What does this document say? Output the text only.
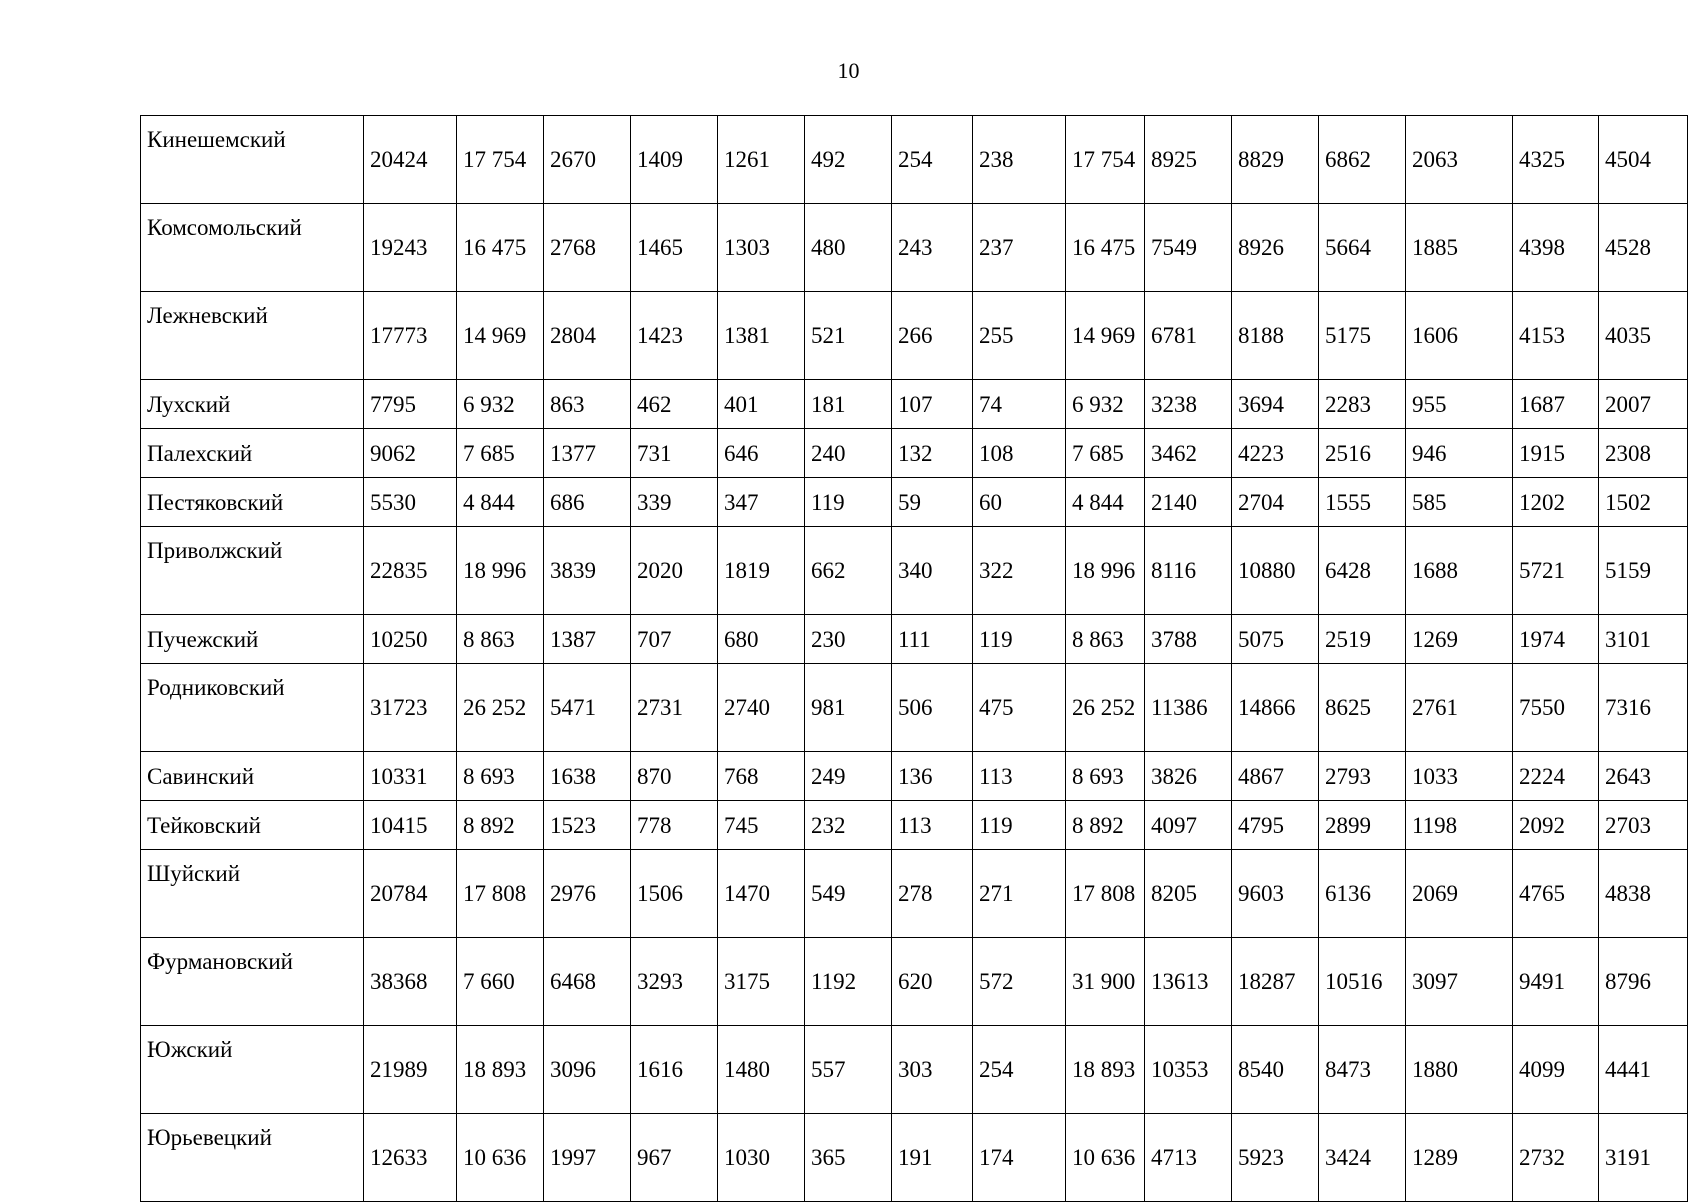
10
Кинешемский	20424	17 754	2670	1409	1261	492	254	238	17 754	8925	8829	6862	2063	4325	4504
Комсомольский	19243	16 475	2768	1465	1303	480	243	237	16 475	7549	8926	5664	1885	4398	4528
Лежневский	17773	14 969	2804	1423	1381	521	266	255	14 969	6781	8188	5175	1606	4153	4035
Лухский	7795	6 932	863	462	401	181	107	74	6 932	3238	3694	2283	955	1687	2007
Палехский	9062	7 685	1377	731	646	240	132	108	7 685	3462	4223	2516	946	1915	2308
Пестяковский	5530	4 844	686	339	347	119	59	60	4 844	2140	2704	1555	585	1202	1502
Приволжский	22835	18 996	3839	2020	1819	662	340	322	18 996	8116	10880	6428	1688	5721	5159
Пучежский	10250	8 863	1387	707	680	230	111	119	8 863	3788	5075	2519	1269	1974	3101
Родниковский	31723	26 252	5471	2731	2740	981	506	475	26 252	11386	14866	8625	2761	7550	7316
Савинский	10331	8 693	1638	870	768	249	136	113	8 693	3826	4867	2793	1033	2224	2643
Тейковский	10415	8 892	1523	778	745	232	113	119	8 892	4097	4795	2899	1198	2092	2703
Шуйский	20784	17 808	2976	1506	1470	549	278	271	17 808	8205	9603	6136	2069	4765	4838
Фурмановский	38368	7 660	6468	3293	3175	1192	620	572	31 900	13613	18287	10516	3097	9491	8796
Южский	21989	18 893	3096	1616	1480	557	303	254	18 893	10353	8540	8473	1880	4099	4441
Юрьевецкий	12633	10 636	1997	967	1030	365	191	174	10 636	4713	5923	3424	1289	2732	3191
